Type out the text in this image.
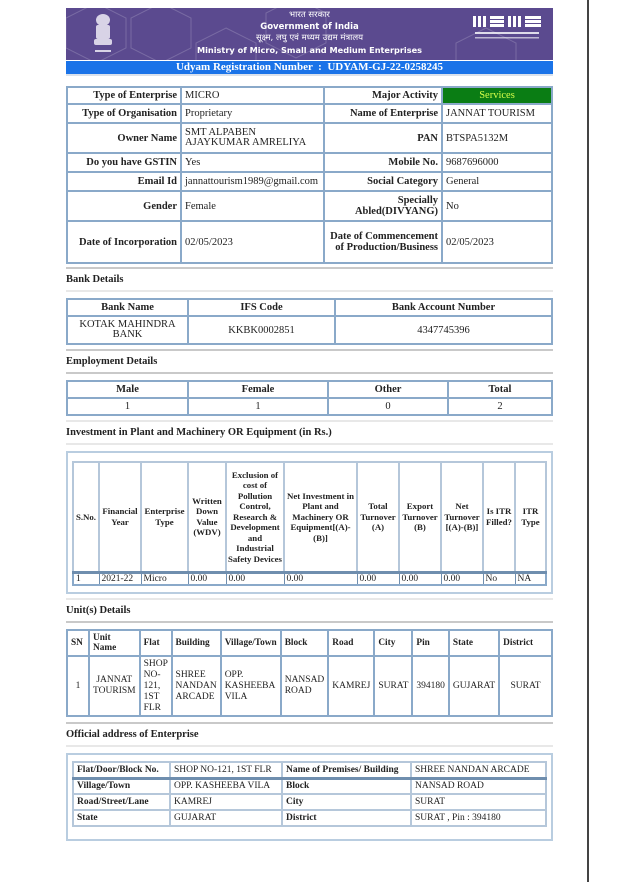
भारत सरकार
Government of India
सूक्ष्म, लघु एवं मध्यम उद्यम मंत्रालय
Ministry of Micro, Small and Medium Enterprises
Udyam Registration Number : UDYAM-GJ-22-0258245
Type of Enterprise	MICRO	Major Activity	Services
Type of Organisation	Proprietary	Name of Enterprise	JANNAT TOURISM
Owner Name	SMT ALPABEN AJAYKUMAR AMRELIYA	PAN	BTSPA5132M
Do you have GSTIN	Yes	Mobile No.	9687696000
Email Id	jannattourism1989@gmail.com	Social Category	General
Gender	Female	Specially Abled(DIVYANG)	No
Date of Incorporation	02/05/2023	Date of Commencement of Production/Business	02/05/2023
Bank Details
Bank Name	IFS Code	Bank Account Number
KOTAK MAHINDRA BANK	KKBK0002851	4347745396
Employment Details
Male	Female	Other	Total
1	1	0	2
Investment in Plant and Machinery OR Equipment (in Rs.)
S.No.	Financial Year	Enterprise Type	Written Down Value (WDV)	Exclusion of cost of Pollution Control, Research & Development and Industrial Safety Devices	Net Investment in Plant and Machinery OR Equipment[(A)-(B)]	Total Turnover (A)	Export Turnover (B)	Net Turnover [(A)-(B)]	Is ITR Filled?	ITR Type
1	2021-22	Micro	0.00	0.00	0.00	0.00	0.00	0.00	No	NA
Unit(s) Details
SN	Unit Name	Flat	Building	Village/Town	Block	Road	City	Pin	State	District
1	JANNAT TOURISM	SHOP NO-121, 1ST FLR	SHREE NANDAN ARCADE	OPP. KASHEEBA VILA	NANSAD ROAD	KAMREJ	SURAT	394180	GUJARAT	SURAT
Official address of Enterprise
Flat/Door/Block No.	SHOP NO-121, 1ST FLR	Name of Premises/ Building	SHREE NANDAN ARCADE
Village/Town	OPP. KASHEEBA VILA	Block	NANSAD ROAD
Road/Street/Lane	KAMREJ	City	SURAT
State	GUJARAT	District	SURAT , Pin : 394180
